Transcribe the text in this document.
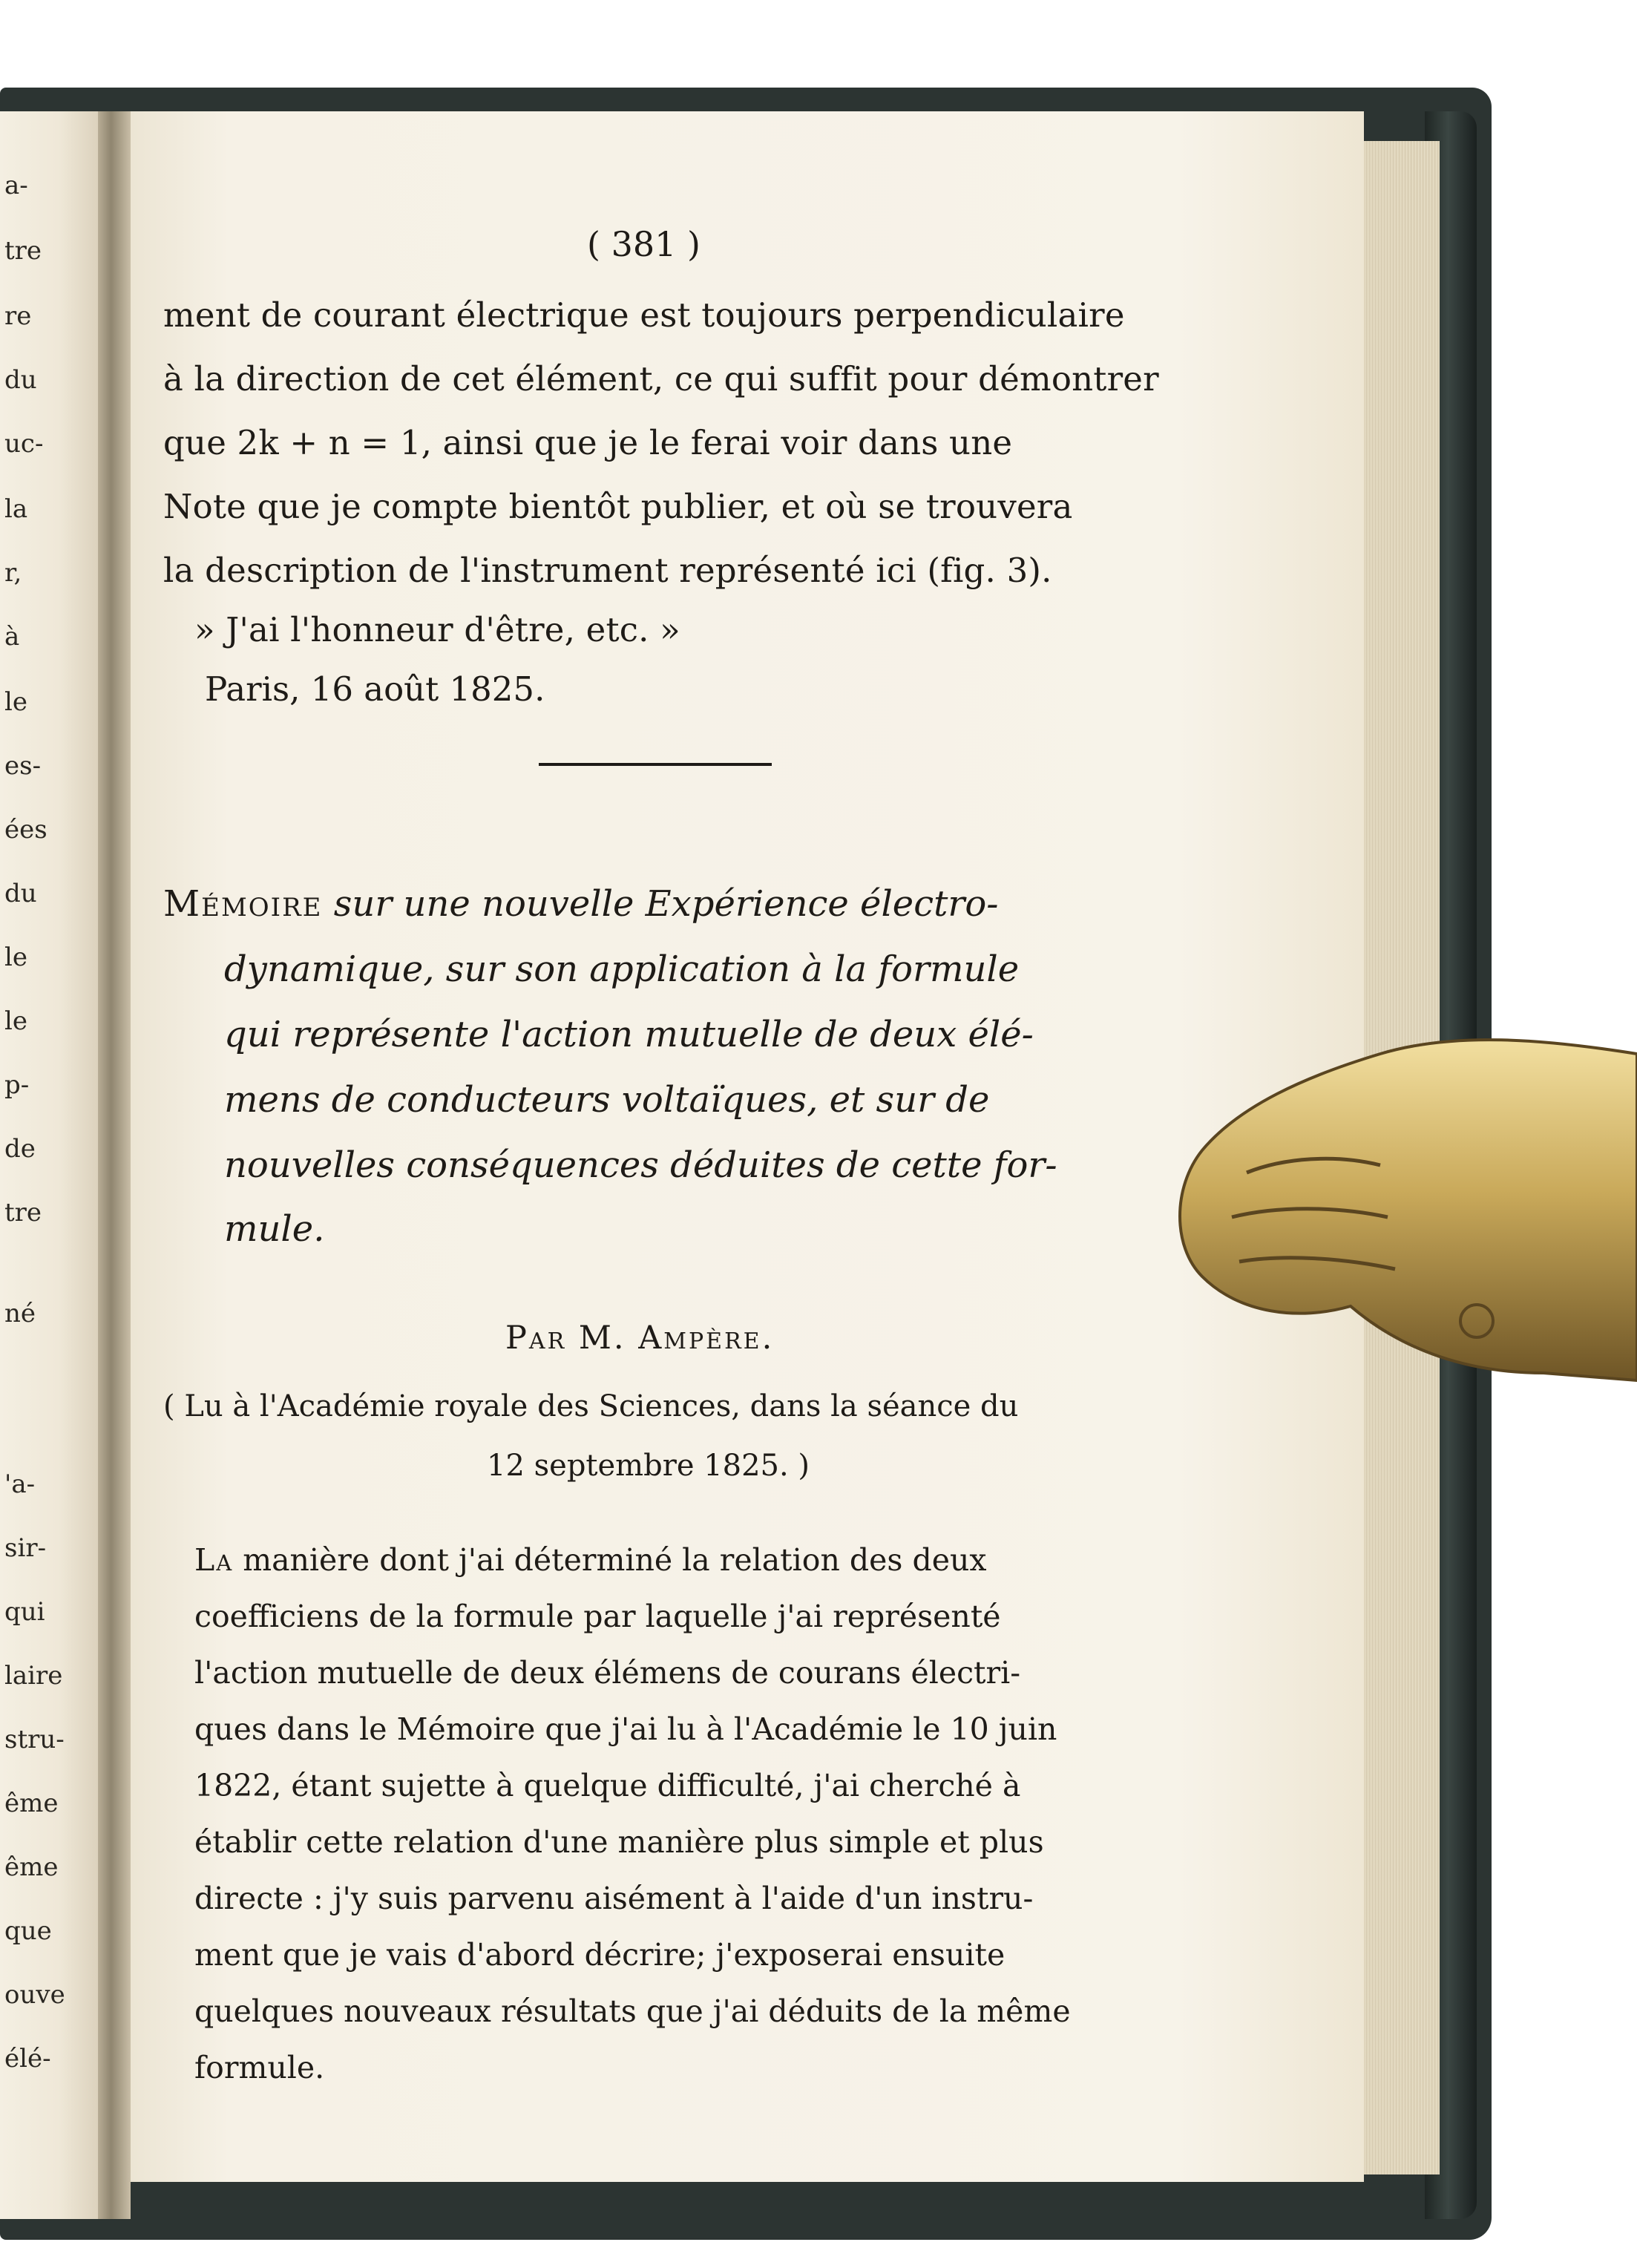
a-
tre
re
du
uc-
la
r,
à
le
es-
ées
du
le
le
p-
de
tre
né
'a-
sir-
qui
laire
stru-
ême
ême
que
ouve
élé-
( 381 )
ment de courant électrique est toujours perpendiculaire
à la direction de cet élément, ce qui suffit pour démontrer
que 2k + n = 1, ainsi que je le ferai voir dans une
Note que je compte bientôt publier, et où se trouvera
la description de l'instrument représenté ici (fig. 3).
» J'ai l'honneur d'être, etc. »
Paris, 16 août 1825.
Mémoire sur une nouvelle Expérience électro-
dynamique, sur son application à la formule
qui représente l'action mutuelle de deux élé-
mens de conducteurs voltaïques, et sur de
nouvelles conséquences déduites de cette for-
mule.
Par M. Ampère.
( Lu à l'Académie royale des Sciences, dans la séance du
12 septembre 1825. )
La manière dont j'ai déterminé la relation des deux
coefficiens de la formule par laquelle j'ai représenté
l'action mutuelle de deux élémens de courans électri-
ques dans le Mémoire que j'ai lu à l'Académie le 10 juin
1822, étant sujette à quelque difficulté, j'ai cherché à
établir cette relation d'une manière plus simple et plus
directe : j'y suis parvenu aisément à l'aide d'un instru-
ment que je vais d'abord décrire; j'exposerai ensuite
quelques nouveaux résultats que j'ai déduits de la même
formule.
